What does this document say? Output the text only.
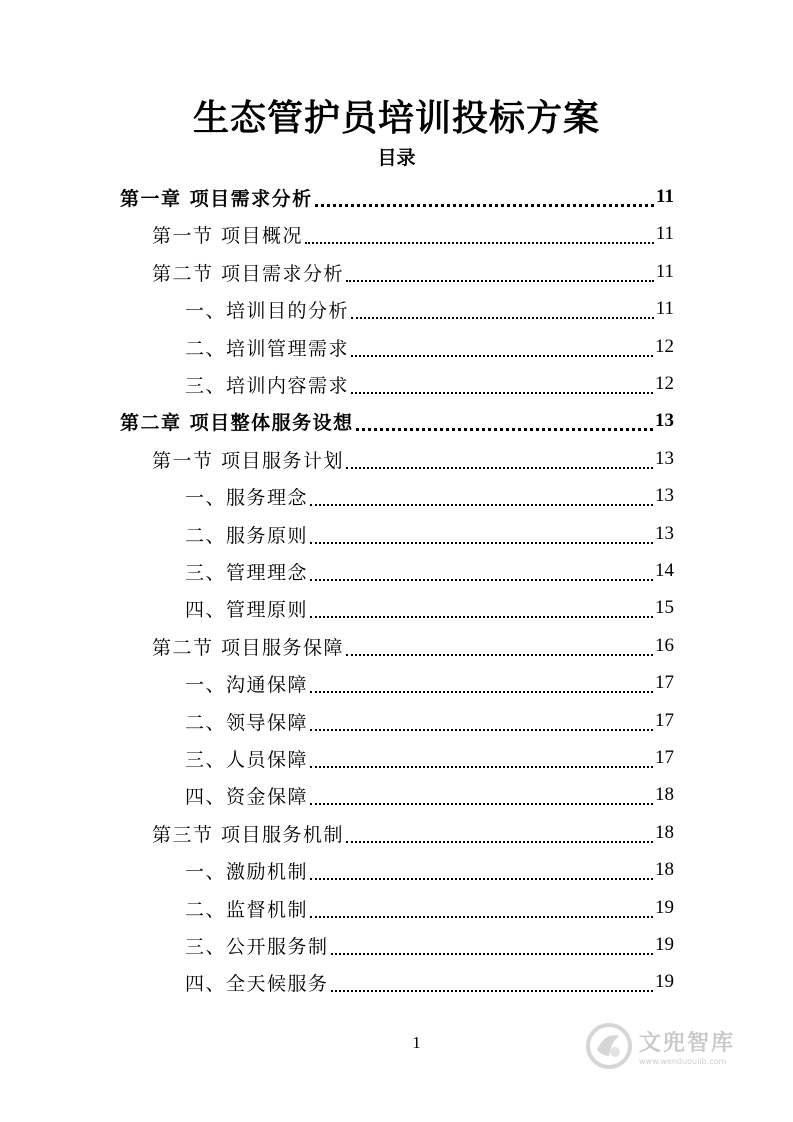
生态管护员培训投标方案
目录
第一章 项目需求分析	11
第一节 项目概况	11
第二节 项目需求分析	11
一、培训目的分析	11
二、培训管理需求	12
三、培训内容需求	12
第二章 项目整体服务设想	13
第一节 项目服务计划	13
一、服务理念	13
二、服务原则	13
三、管理理念	14
四、管理原则	15
第二节 项目服务保障	16
一、沟通保障	17
二、领导保障	17
三、人员保障	17
四、资金保障	18
第三节 项目服务机制	18
一、激励机制	18
二、监督机制	19
三、公开服务制	19
四、全天候服务	19
1	文兜智库
www.wenduoulib.com
